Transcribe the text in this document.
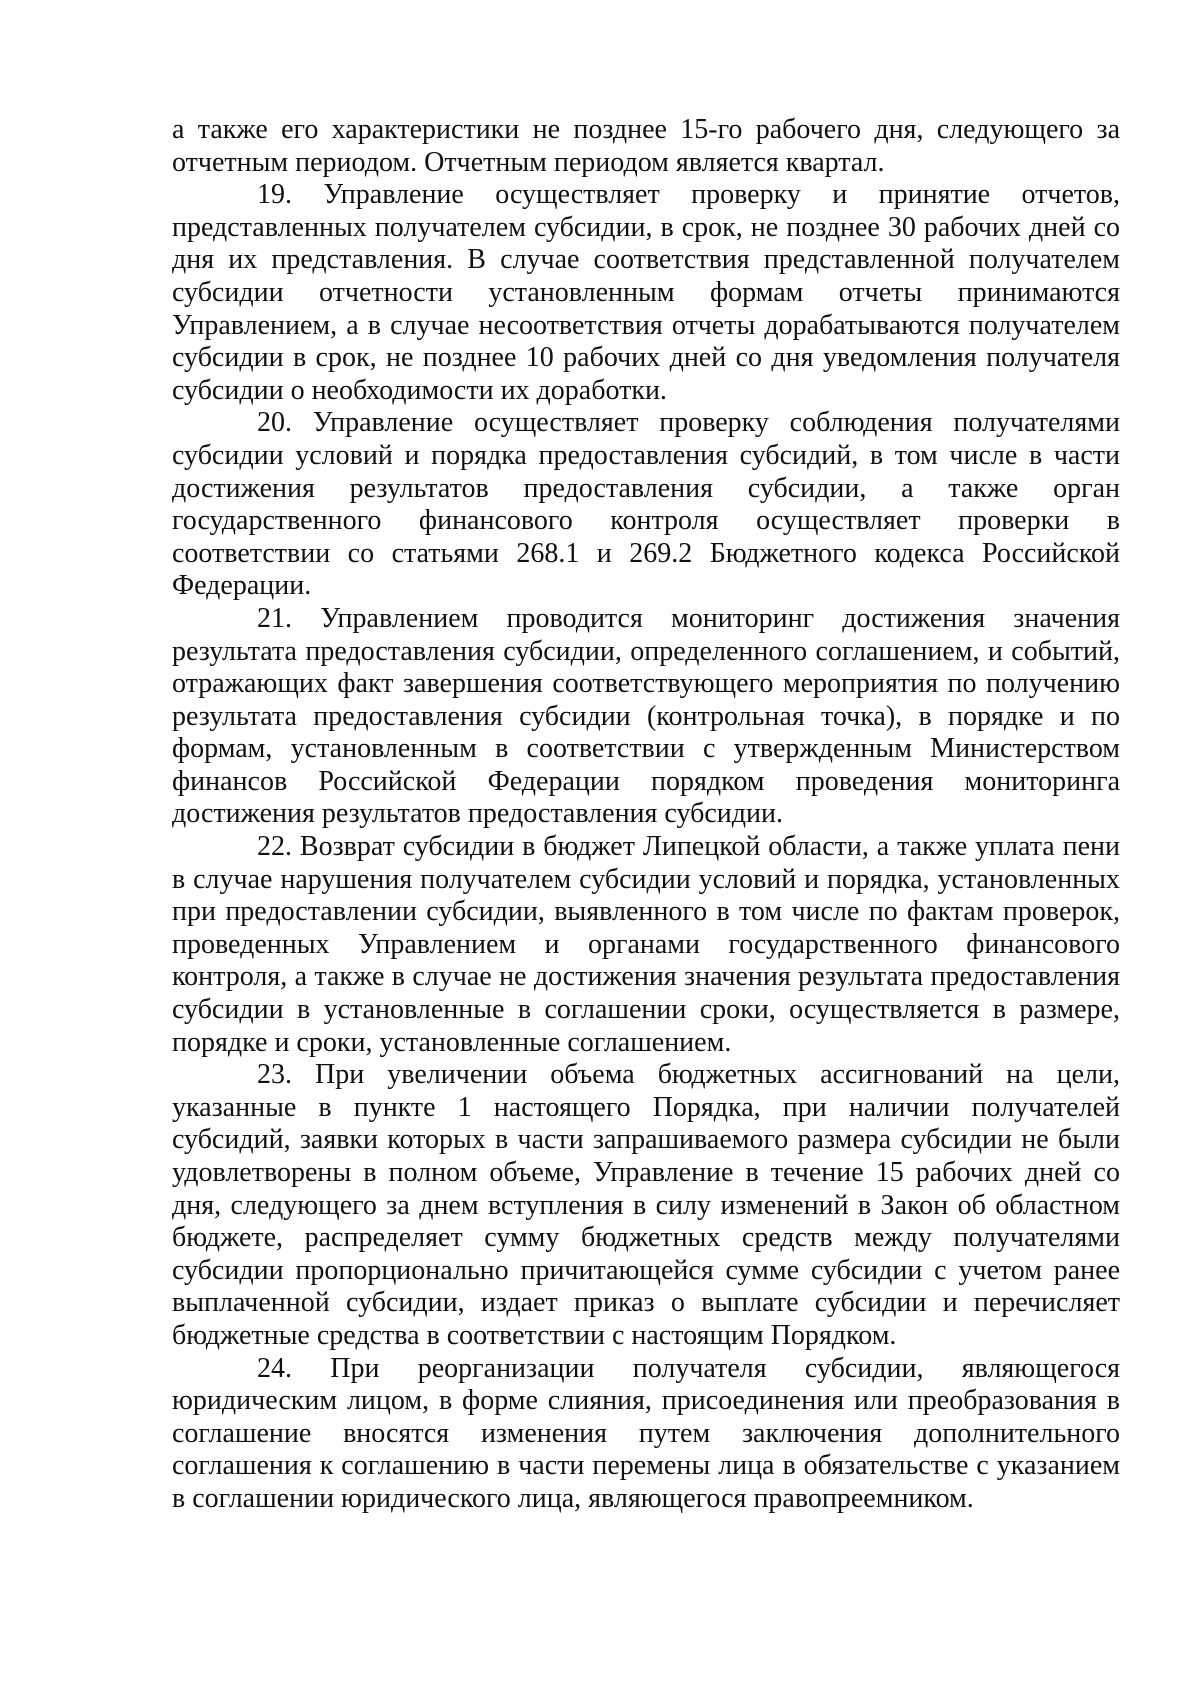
а также его характеристики не позднее 15-го рабочего дня, следующего за отчетным периодом. Отчетным периодом является квартал.

19. Управление осуществляет проверку и принятие отчетов, представленных получателем субсидии, в срок, не позднее 30 рабочих дней со дня их представления. В случае соответствия представленной получателем субсидии отчетности установленным формам отчеты принимаются Управлением, а в случае несоответствия отчеты дорабатываются получателем субсидии в срок, не позднее 10 рабочих дней со дня уведомления получателя субсидии о необходимости их доработки.

20. Управление осуществляет проверку соблюдения получателями субсидии условий и порядка предоставления субсидий, в том числе в части достижения результатов предоставления субсидии, а также орган государственного финансового контроля осуществляет проверки в соответствии со статьями 268.1 и 269.2 Бюджетного кодекса Российской Федерации.

21. Управлением проводится мониторинг достижения значения результата предоставления субсидии, определенного соглашением, и событий, отражающих факт завершения соответствующего мероприятия по получению результата предоставления субсидии (контрольная точка), в порядке и по формам, установленным в соответствии с утвержденным Министерством финансов Российской Федерации порядком проведения мониторинга достижения результатов предоставления субсидии.

22. Возврат субсидии в бюджет Липецкой области, а также уплата пени в случае нарушения получателем субсидии условий и порядка, установленных при предоставлении субсидии, выявленного в том числе по фактам проверок, проведенных Управлением и органами государственного финансового контроля, а также в случае не достижения значения результата предоставления субсидии в установленные в соглашении сроки, осуществляется в размере, порядке и сроки, установленные соглашением.

23. При увеличении объема бюджетных ассигнований на цели, указанные в пункте 1 настоящего Порядка, при наличии получателей субсидий, заявки которых в части запрашиваемого размера субсидии не были удовлетворены в полном объеме, Управление в течение 15 рабочих дней со дня, следующего за днем вступления в силу изменений в Закон об областном бюджете, распределяет сумму бюджетных средств между получателями субсидии пропорционально причитающейся сумме субсидии с учетом ранее выплаченной субсидии, издает приказ о выплате субсидии и перечисляет бюджетные средства в соответствии с настоящим Порядком.

24. При реорганизации получателя субсидии, являющегося юридическим лицом, в форме слияния, присоединения или преобразования в соглашение вносятся изменения путем заключения дополнительного соглашения к соглашению в части перемены лица в обязательстве с указанием в соглашении юридического лица, являющегося правопреемником.
